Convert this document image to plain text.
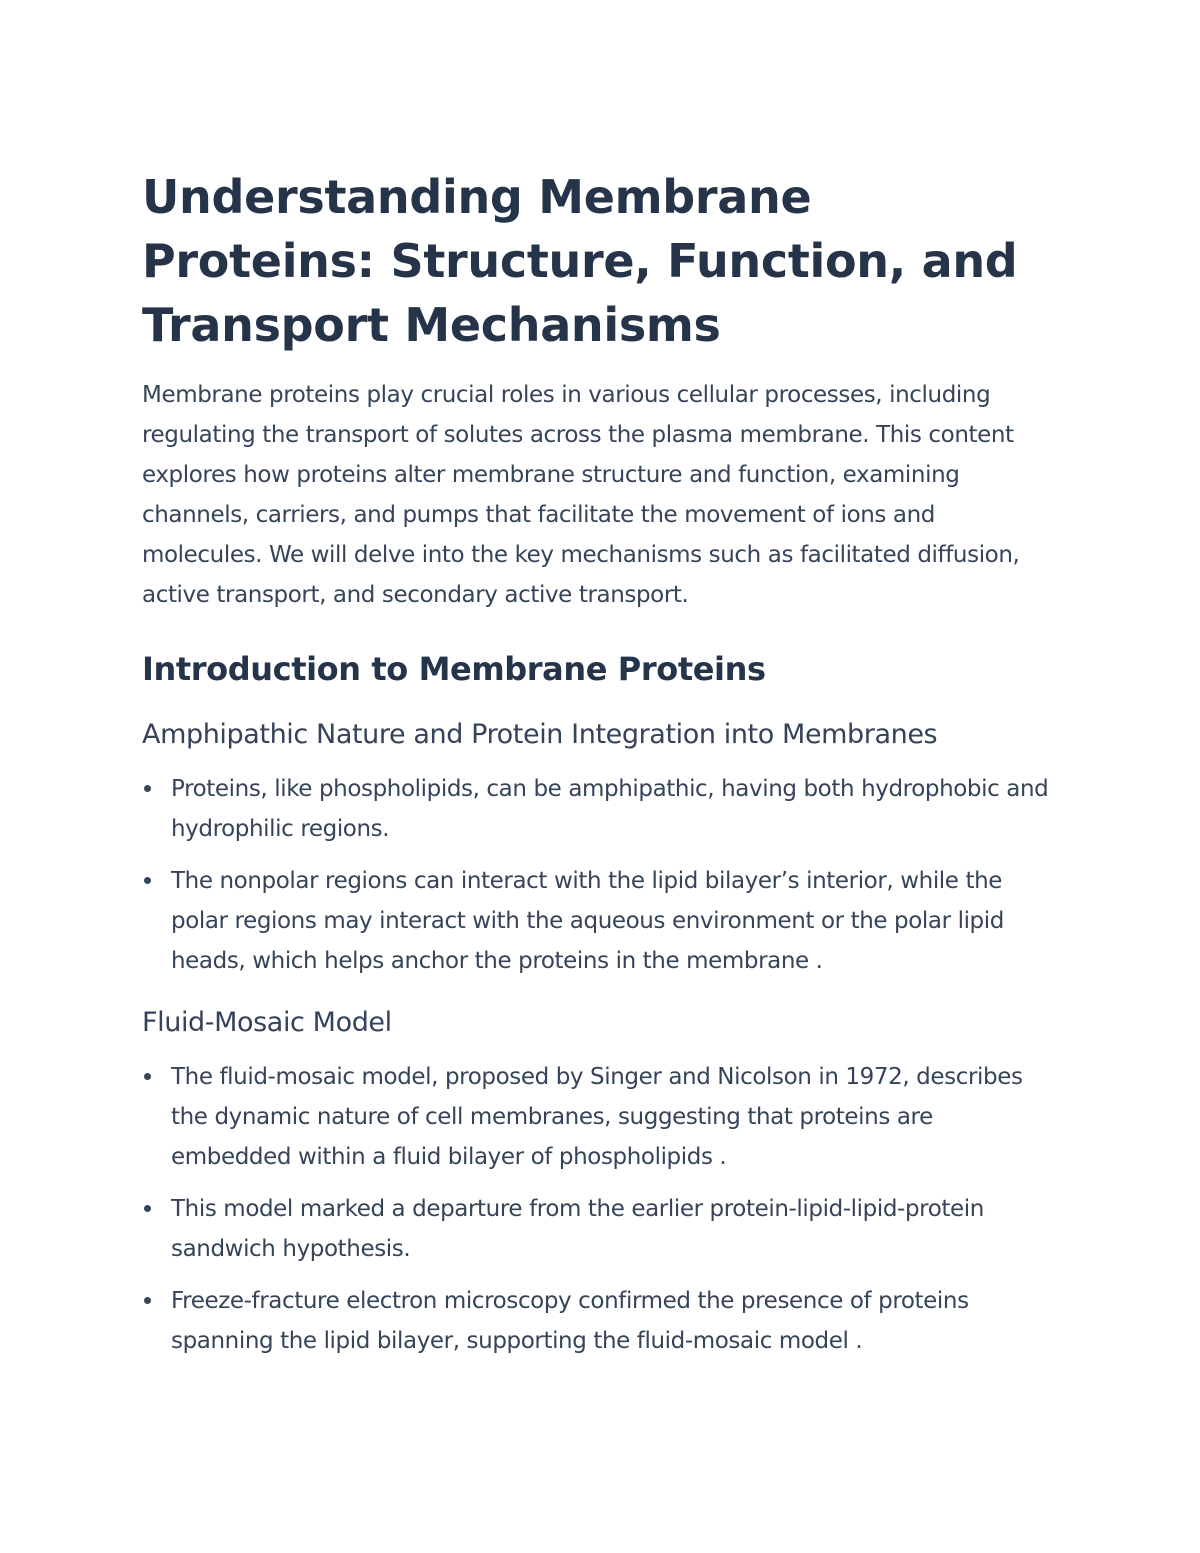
Understanding Membrane Proteins: Structure, Function, and Transport Mechanisms

Membrane proteins play crucial roles in various cellular processes, including regulating the transport of solutes across the plasma membrane. This content explores how proteins alter membrane structure and function, examining channels, carriers, and pumps that facilitate the movement of ions and molecules. We will delve into the key mechanisms such as facilitated diffusion, active transport, and secondary active transport.

Introduction to Membrane Proteins
Amphipathic Nature and Protein Integration into Membranes
Proteins, like phospholipids, can be amphipathic, having both hydrophobic and hydrophilic regions.
The nonpolar regions can interact with the lipid bilayer’s interior, while the polar regions may interact with the aqueous environment or the polar lipid heads, which helps anchor the proteins in the membrane .
Fluid-Mosaic Model
The fluid-mosaic model, proposed by Singer and Nicolson in 1972, describes the dynamic nature of cell membranes, suggesting that proteins are embedded within a fluid bilayer of phospholipids .
This model marked a departure from the earlier protein-lipid-lipid-protein sandwich hypothesis.
Freeze-fracture electron microscopy confirmed the presence of proteins spanning the lipid bilayer, supporting the fluid-mosaic model .
